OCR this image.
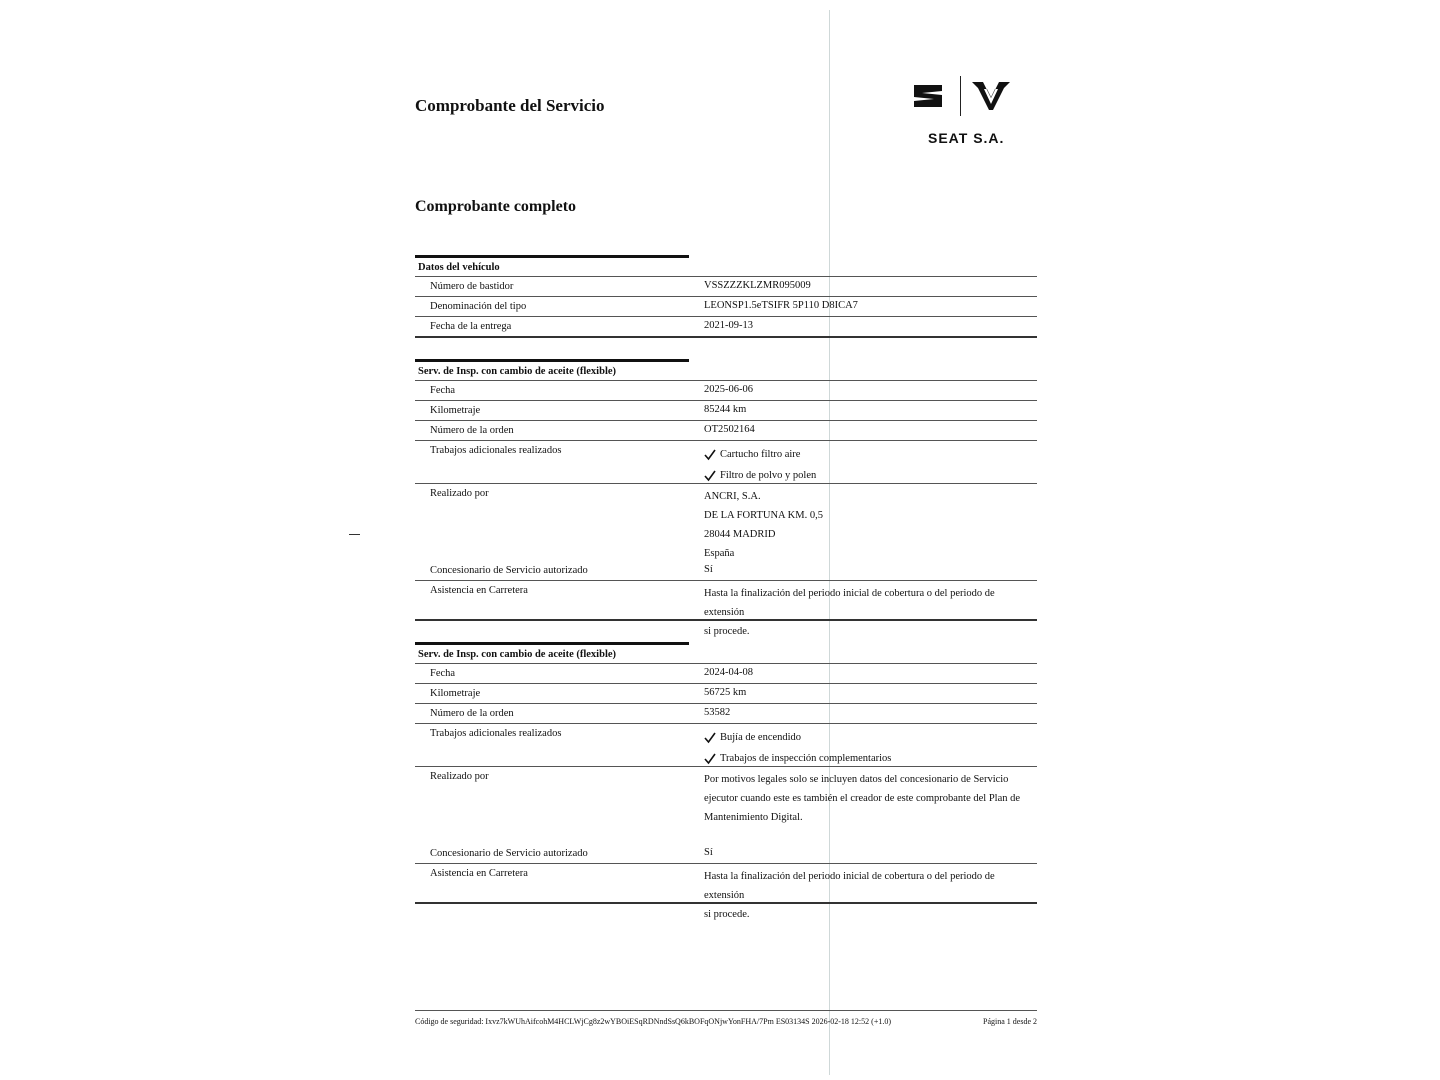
Comprobante del Servicio
SEAT S.A.
Comprobante completo
Datos del vehículo
Número de bastidor	VSSZZZKLZMR095009
Denominación del tipo	LEONSP1.5eTSIFR 5P110 D8ICA7
Fecha de la entrega	2021-09-13
Serv. de Insp. con cambio de aceite (flexible)
Fecha	2025-06-06
Kilometraje	85244 km
Número de la orden	OT2502164
Trabajos adicionales realizados	Cartucho filtro aire
Filtro de polvo y polen
Realizado por	ANCRI, S.A.
DE LA FORTUNA KM. 0,5
28044 MADRID
España
Concesionario de Servicio autorizado	Sí
Asistencia en Carretera	Hasta la finalización del periodo inicial de cobertura o del periodo de extensión
si procede.
Serv. de Insp. con cambio de aceite (flexible)
Fecha	2024-04-08
Kilometraje	56725 km
Número de la orden	53582
Trabajos adicionales realizados	Bujía de encendido
Trabajos de inspección complementarios
Realizado por	Por motivos legales solo se incluyen datos del concesionario de Servicio
ejecutor cuando este es también el creador de este comprobante del Plan de
Mantenimiento Digital.
Concesionario de Servicio autorizado	Sí
Asistencia en Carretera	Hasta la finalización del periodo inicial de cobertura o del periodo de extensión
si procede.
Código de seguridad: Ixvz7kWUhAifcohM4HCLWjCg8z2wYBOiESqRDNndSsQ6kBOFqONjwYonFHA/7Pm ES03134S 2026-02-18 12:52 (+1.0)	Página 1 desde 2
